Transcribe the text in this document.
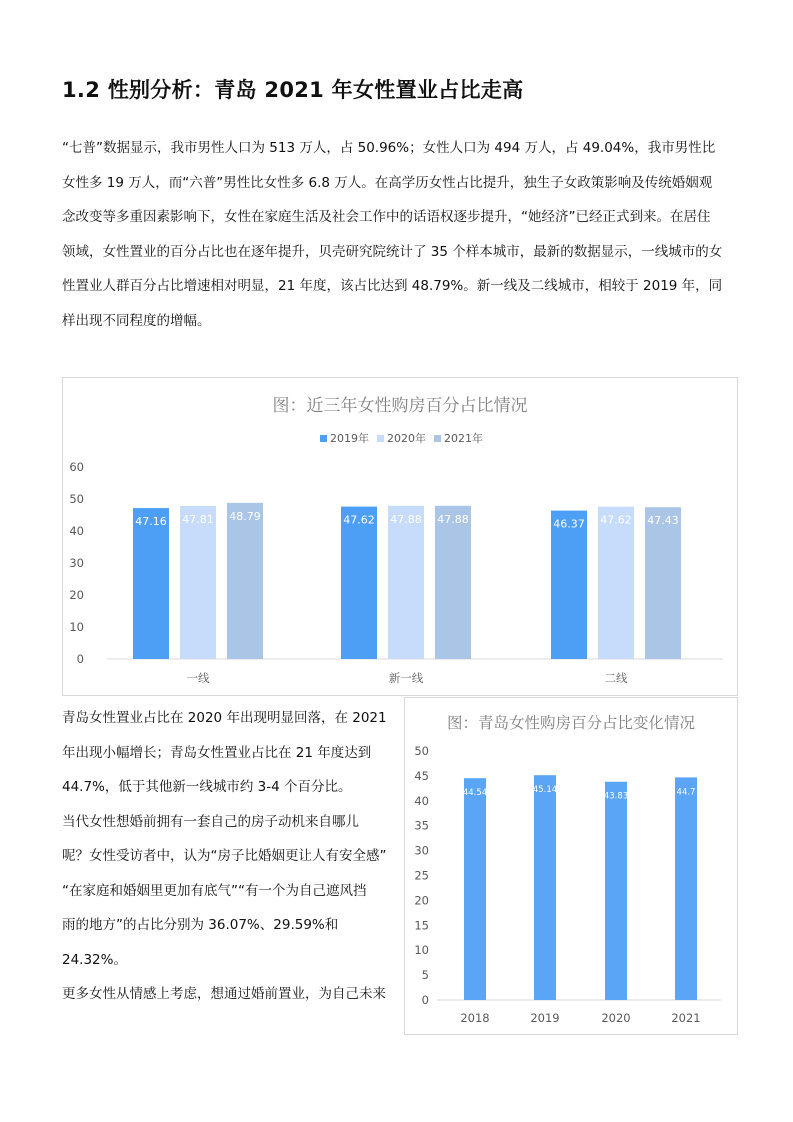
1.2 性别分析：青岛 2021 年女性置业占比走高

“七普”数据显示，我市男性人口为 513 万人，占 50.96%；女性人口为 494 万人，占 49.04%，我市男性比

女性多 19 万人，而“六普”男性比女性多 6.8 万人。在高学历女性占比提升，独生子女政策影响及传统婚姻观

念改变等多重因素影响下，女性在家庭生活及社会工作中的话语权逐步提升，“她经济”已经正式到来。在居住

领域，女性置业的百分占比也在逐年提升，贝壳研究院统计了 35 个样本城市，最新的数据显示，一线城市的女

性置业人群百分占比增速相对明显，21 年度，该占比达到 48.79%。新一线及二线城市，相较于 2019 年，同

样出现不同程度的增幅。

图：近三年女性购房百分占比情况
2019年 2020年 2021年
0
10
20
30
40
50
60
47.16 47.81 48.79
一线
47.62 47.88 47.88
新一线
46.37 47.62 47.43
二线

青岛女性置业占比在 2020 年出现明显回落，在 2021

年出现小幅增长；青岛女性置业占比在 21 年度达到

44.7%，低于其他新一线城市约 3-4 个百分比。

当代女性想婚前拥有一套自己的房子动机来自哪儿

呢？女性受访者中，认为“房子比婚姻更让人有安全感”

“在家庭和婚姻里更加有底气”“有一个为自己遮风挡

雨的地方”的占比分别为 36.07%、29.59%和 24.32%。

更多女性从情感上考虑，想通过婚前置业，为自己未来

图：青岛女性购房百分占比变化情况
0
5
10
15
20
25
30
35
40
45
50
44.54
2018
45.14
2019
43.83
2020
44.7
2021
